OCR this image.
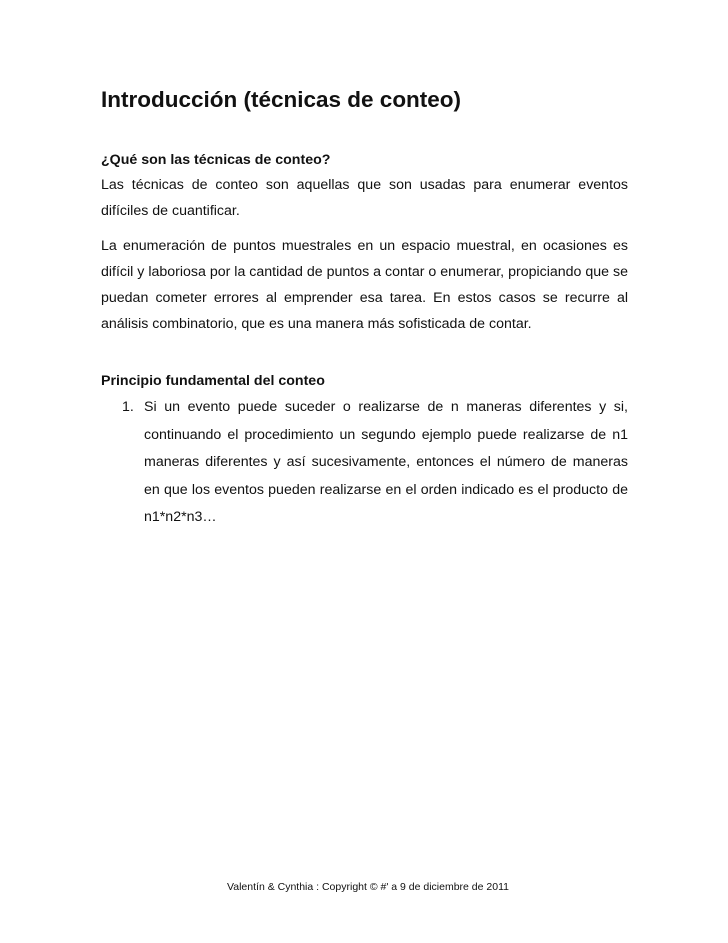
Introducción (técnicas de conteo)
¿Qué son las técnicas de conteo?

Las técnicas de conteo son aquellas que son usadas para enumerar eventos difíciles de cuantificar.

La enumeración de puntos muestrales en un espacio muestral, en ocasiones es difícil y laboriosa por la cantidad de puntos a contar o enumerar, propiciando que se puedan cometer errores al emprender esa tarea. En estos casos se recurre al análisis combinatorio, que es una manera más sofisticada de contar.

Principio fundamental del conteo
1. Si un evento puede suceder o realizarse de n maneras diferentes y si, continuando el procedimiento un segundo ejemplo puede realizarse de n1 maneras diferentes y así sucesivamente, entonces el número de maneras en que los eventos pueden realizarse en el orden indicado es el producto de n1*n2*n3…
Valentín & Cynthia : Copyright © #' a 9 de diciembre de 2011
